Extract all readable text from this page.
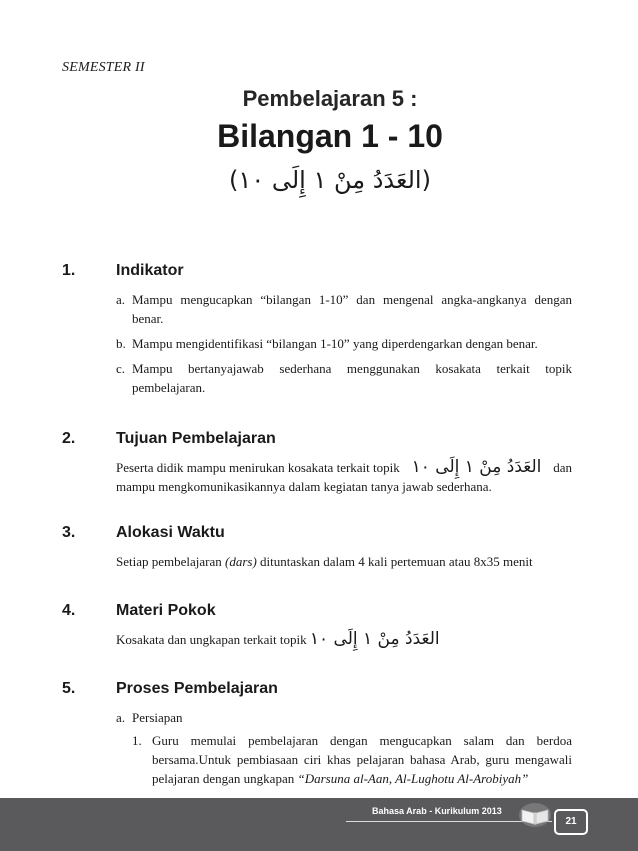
SEMESTER II
Pembelajaran 5 :
Bilangan 1 - 10
(العَدَدُ مِنْ ١ إِلَى ١٠)
1.	Indikator
a. Mampu mengucapkan “bilangan 1-10” dan mengenal angka-angkanya dengan benar.
b. Mampu mengidentifikasi “bilangan 1-10” yang diperdengarkan dengan benar.
c. Mampu bertanyajawab sederhana menggunakan kosakata terkait topik pembelajaran.
2.	Tujuan Pembelajaran
Peserta didik mampu menirukan kosakata terkait topik العَدَدُ مِنْ ١ إِلَى ١٠ dan
mampu mengkomunikasikannya dalam kegiatan tanya jawab sederhana.
3.	Alokasi Waktu
Setiap pembelajaran (dars) dituntaskan dalam 4 kali pertemuan atau 8x35 menit
4.	Materi Pokok
Kosakata dan ungkapan terkait topik العَدَدُ مِنْ ١ إِلَى ١٠
5.	Proses Pembelajaran
a. Persiapan
1. Guru memulai pembelajaran dengan mengucapkan salam dan berdoa bersama.Untuk pembiasaan ciri khas pelajaran bahasa Arab, guru mengawali pelajaran dengan ungkapan “Darsuna al-Aan, Al-Lughotu Al-Arobiyah”
Bahasa Arab - Kurikulum 2013
21
